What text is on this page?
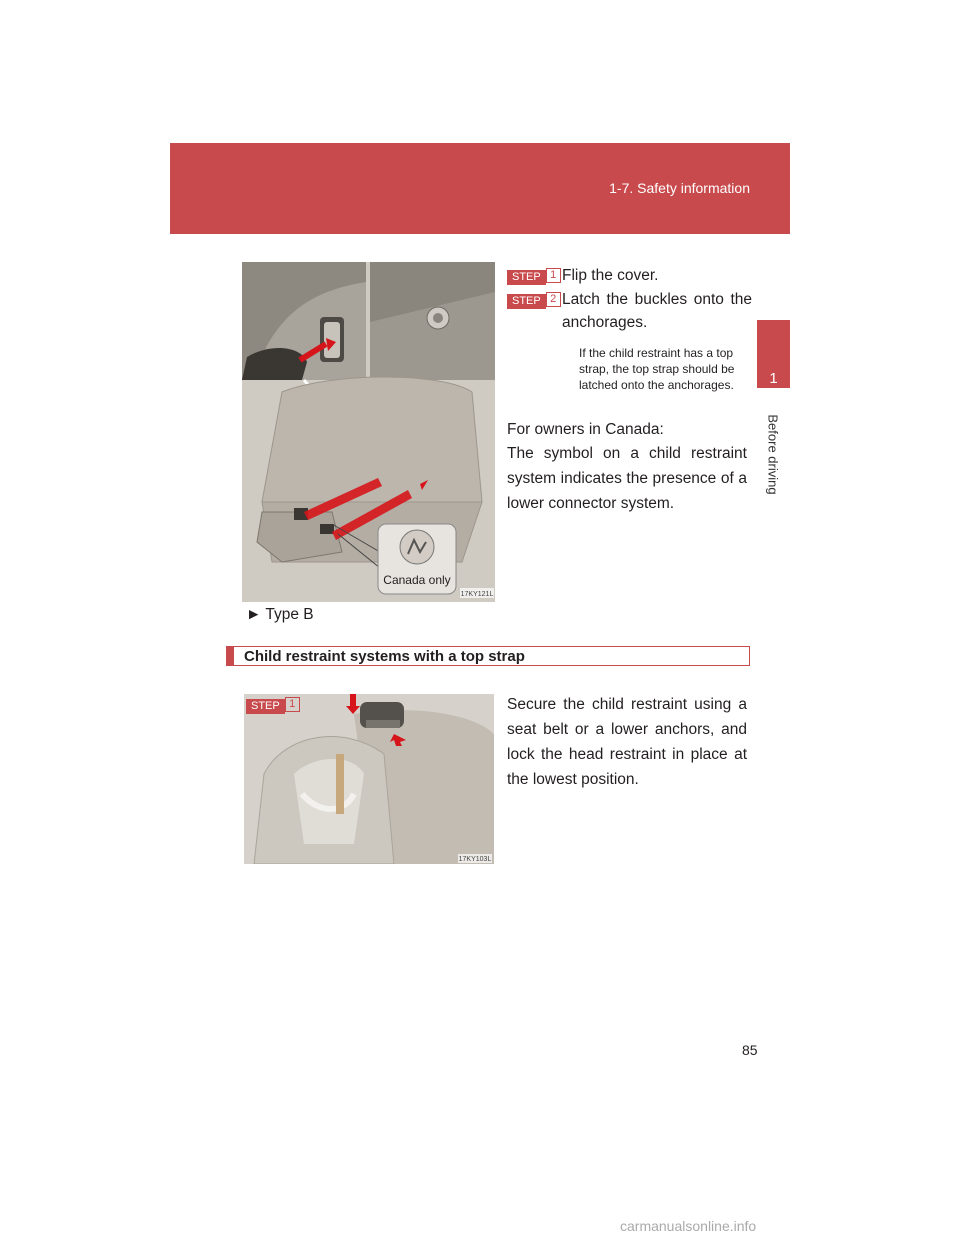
1-7. Safety information
1
Before driving
Canada only
17KY121L
► Type B
STEP 1 Flip the cover.
STEP 2 Latch the buckles onto the anchorages.
If the child restraint has a top strap, the top strap should be latched onto the anchorages.
For owners in Canada:
The symbol on a child restraint system indicates the presence of a lower connector system.
Child restraint systems with a top strap
17KY103L
STEP 1	Secure the child restraint using a seat belt or a lower anchors, and lock the head restraint in place at the lowest position.
85
carmanualsonline.info
